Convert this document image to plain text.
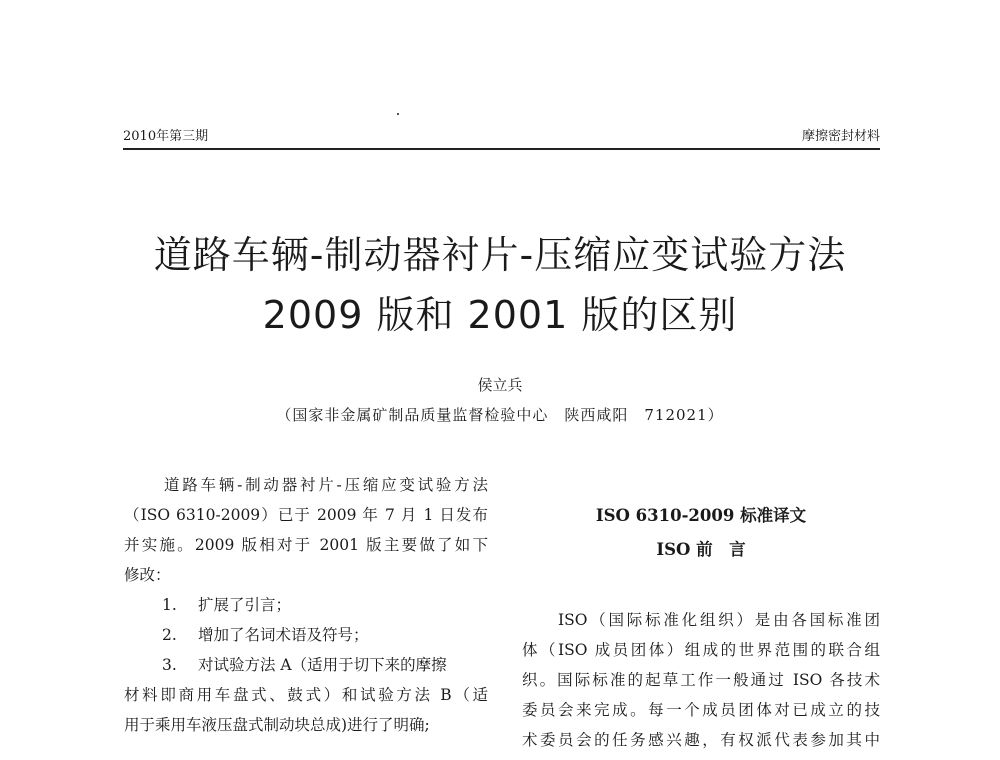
2010年第三期	摩擦密封材料
道路车辆-制动器衬片-压缩应变试验方法
2009 版和 2001 版的区别
侯立兵
（国家非金属矿制品质量监督检验中心　陕西咸阳　712021）
道路车辆-制动器衬片-压缩应变试验方法
（ISO 6310-2009）已于 2009 年 7 月 1 日发布
并实施。2009 版相对于 2001 版主要做了如下
修改：
1. 扩展了引言；
2. 增加了名词术语及符号；
3. 对试验方法 A（适用于切下来的摩擦
材料即商用车盘式、鼓式）和试验方法 B（适
用于乘用车液压盘式制动块总成)进行了明确;
ISO 6310-2009 标准译文
ISO 前　言
ISO（国际标准化组织）是由各国标准团
体（ISO 成员团体）组成的世界范围的联合组
织。国际标准的起草工作一般通过 ISO 各技术
委员会来完成。每一个成员团体对已成立的技
术委员会的任务感兴趣，有权派代表参加其中
